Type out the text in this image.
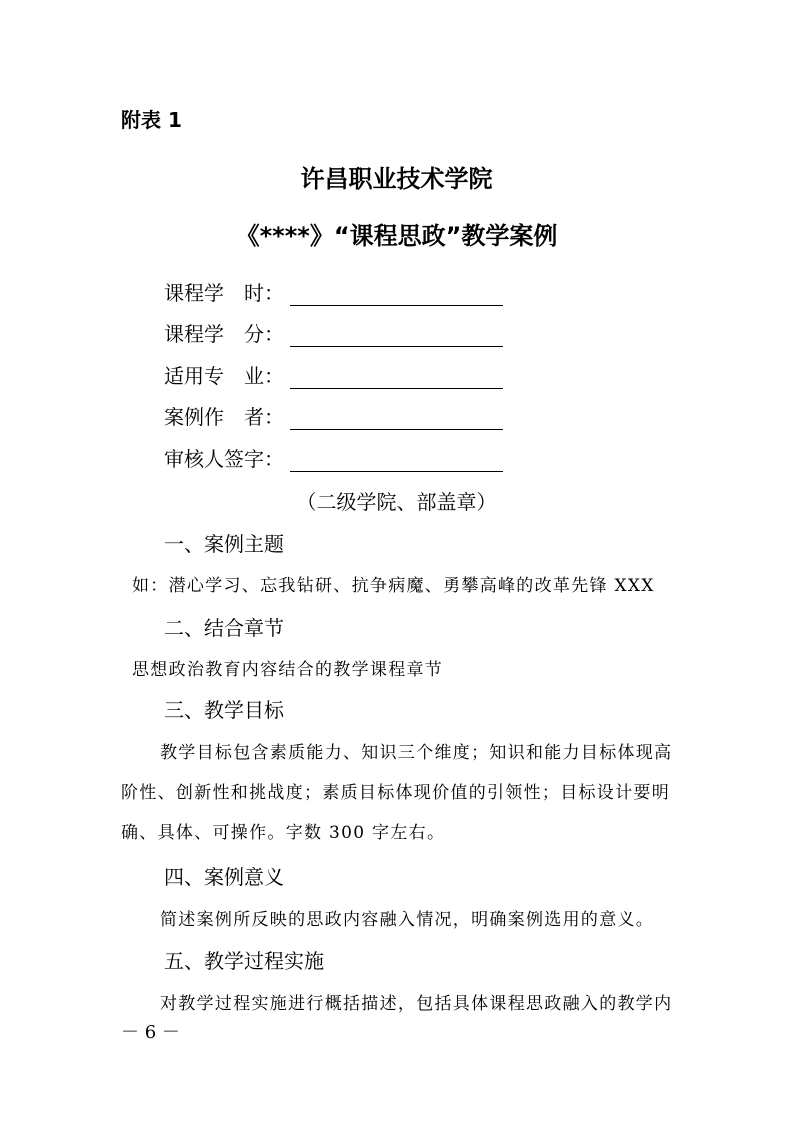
附表 1
许昌职业技术学院
《****》“课程思政”教学案例
课程学　时：
课程学　分：
适用专　业：
案例作　者：
审核人签字：
（二级学院、部盖章）
一、案例主题
如：潜心学习、忘我钻研、抗争病魔、勇攀高峰的改革先锋 XXX
二、结合章节
思想政治教育内容结合的教学课程章节
三、教学目标
教学目标包含素质能力、知识三个维度；知识和能力目标体现高
阶性、创新性和挑战度；素质目标体现价值的引领性；目标设计要明
确、具体、可操作。字数 300 字左右。
四、案例意义
简述案例所反映的思政内容融入情况，明确案例选用的意义。
五、教学过程实施
对教学过程实施进行概括描述，包括具体课程思政融入的教学内
－ 6 －
